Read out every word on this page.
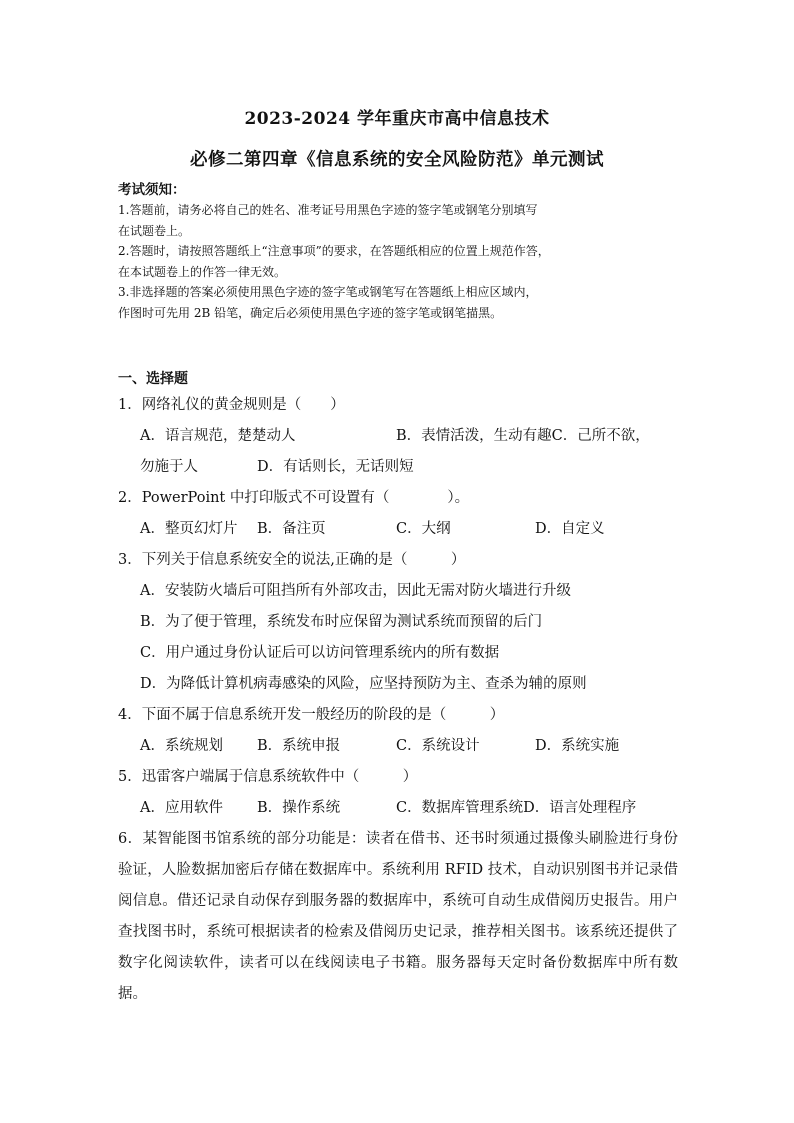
2023-2024 学年重庆市高中信息技术
必修二第四章《信息系统的安全风险防范》单元测试
考试须知：
1.答题前，请务必将自己的姓名、准考证号用黑色字迹的签字笔或钢笔分别填写
在试题卷上。
2.答题时，请按照答题纸上“注意事项”的要求，在答题纸相应的位置上规范作答，
在本试题卷上的作答一律无效。
3.非选择题的答案必须使用黑色字迹的签字笔或钢笔写在答题纸上相应区域内，
作图时可先用 2B 铅笔，确定后必须使用黑色字迹的签字笔或钢笔描黑。
一、选择题
1．网络礼仪的黄金规则是（　　）
A．语言规范，楚楚动人	B．表情活泼，生动有趣C．己所不欲，
勿施于人	D．有话则长，无话则短
2．PowerPoint 中打印版式不可设置有（　　　　）。
A．整页幻灯片 B．备注页	C．大纲	D．自定义
3．下列关于信息系统安全的说法,正确的是（　　　）
A．安装防火墙后可阻挡所有外部攻击，因此无需对防火墙进行升级
B．为了便于管理，系统发布时应保留为测试系统而预留的后门
C．用户通过身份认证后可以访问管理系统内的所有数据
D．为降低计算机病毒感染的风险，应坚持预防为主、查杀为辅的原则
4．下面不属于信息系统开发一般经历的阶段的是（　　　）
A．系统规划 B．系统申报	C．系统设计	D．系统实施
5．迅雷客户端属于信息系统软件中（　　　）
A．应用软件 B．操作系统	C．数据库管理系统D．语言处理程序
6．某智能图书馆系统的部分功能是：读者在借书、还书时须通过摄像头刷脸进行身份验证，人脸数据加密后存储在数据库中。系统利用 RFID 技术，自动识别图书并记录借阅信息。借还记录自动保存到服务器的数据库中，系统可自动生成借阅历史报告。用户查找图书时，系统可根据读者的检索及借阅历史记录，推荐相关图书。该系统还提供了数字化阅读软件，读者可以在线阅读电子书籍。服务器每天定时备份数据库中所有数据。
